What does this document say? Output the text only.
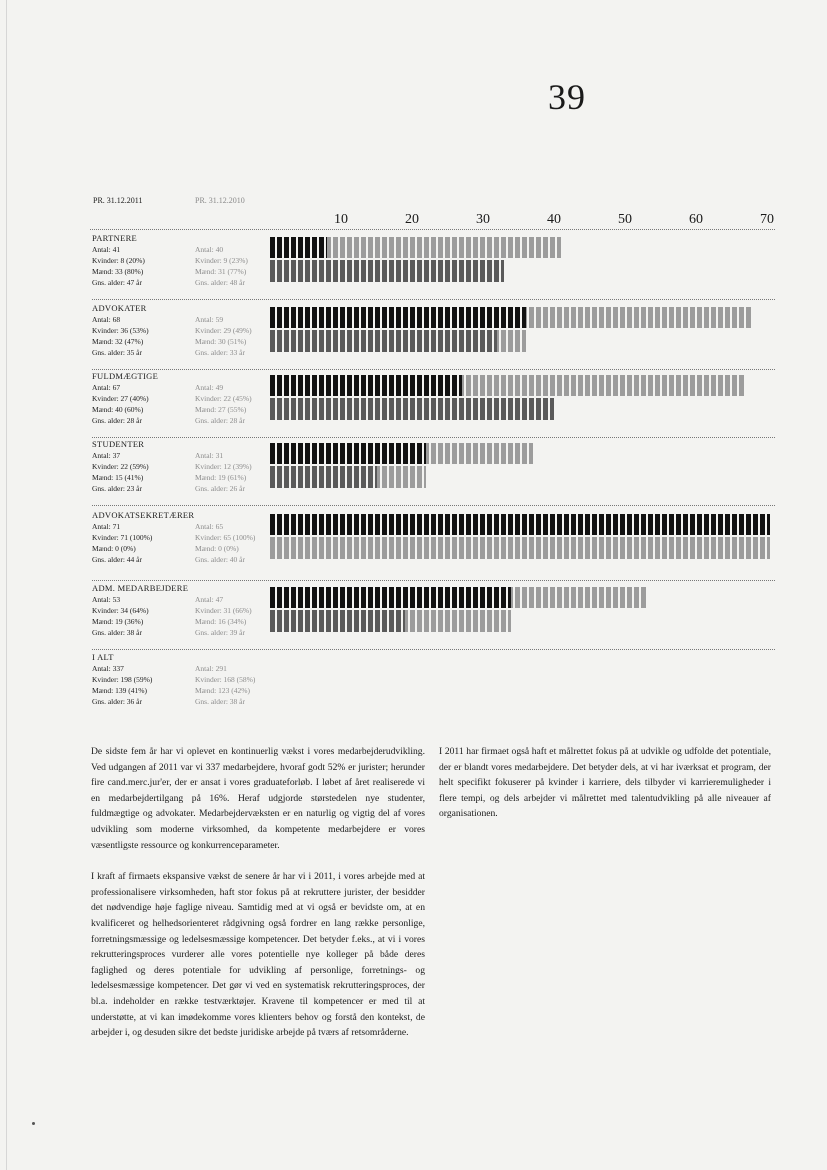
39
PR. 31.12.2011	PR. 31.12.2010
10	20	30	40	50	60	70
PARTNERE
Antal: 41	Antal: 40
Kvinder: 8 (20%)	Kvinder: 9 (23%)
Mænd: 33 (80%)	Mænd: 31 (77%)
Gns. alder: 47 år	Gns. alder: 48 år
ADVOKATER
Antal: 68	Antal: 59
Kvinder: 36 (53%)	Kvinder: 29 (49%)
Mænd: 32 (47%)	Mænd: 30 (51%)
Gns. alder: 35 år	Gns. alder: 33 år
FULDMÆGTIGE
Antal: 67	Antal: 49
Kvinder: 27 (40%)	Kvinder: 22 (45%)
Mænd: 40 (60%)	Mænd: 27 (55%)
Gns. alder: 28 år	Gns. alder: 28 år
STUDENTER
Antal: 37	Antal: 31
Kvinder: 22 (59%)	Kvinder: 12 (39%)
Mænd: 15 (41%)	Mænd: 19 (61%)
Gns. alder: 23 år	Gns. alder: 26 år
ADVOKATSEKRETÆRER
Antal: 71	Antal: 65
Kvinder: 71 (100%)	Kvinder: 65 (100%)
Mænd: 0 (0%)	Mænd: 0 (0%)
Gns. alder: 44 år	Gns. alder: 40 år
ADM. MEDARBEJDERE
Antal: 53	Antal: 47
Kvinder: 34 (64%)	Kvinder: 31 (66%)
Mænd: 19 (36%)	Mænd: 16 (34%)
Gns. alder: 38 år	Gns. alder: 39 år
I ALT
Antal: 337	Antal: 291
Kvinder: 198 (59%)	Kvinder: 168 (58%)
Mænd: 139 (41%)	Mænd: 123 (42%)
Gns. alder: 36 år	Gns. alder: 38 år

De sidste fem år har vi oplevet en kontinuerlig vækst i vores medarbejderudvikling. Ved udgangen af 2011 var vi 337 medarbejdere, hvoraf godt 52% er jurister; herunder fire cand.merc.jur'er, der er ansat i vores graduateforløb. I løbet af året realiserede vi en medarbejdertilgang på 16%. Heraf udgjorde størstedelen nye studenter, fuldmægtige og advokater. Medarbejdervæksten er en naturlig og vigtig del af vores udvikling som moderne virksomhed, da kompetente medarbejdere er vores væsentligste ressource og konkurrenceparameter.

I kraft af firmaets ekspansive vækst de senere år har vi i 2011, i vores arbejde med at professionalisere virksomheden, haft stor fokus på at rekruttere jurister, der besidder det nødvendige høje faglige niveau. Samtidig med at vi også er bevidste om, at en kvalificeret og helhedsorienteret rådgivning også fordrer en lang række personlige, forretningsmæssige og ledelsesmæssige kompetencer. Det betyder f.eks., at vi i vores rekrutteringsproces vurderer alle vores potentielle nye kolleger på både deres faglighed og deres potentiale for udvikling af personlige, forretnings- og ledelsesmæssige kompetencer. Det gør vi ved en systematisk rekrutteringsproces, der bl.a. indeholder en række testværktøjer. Kravene til kompetencer er med til at understøtte, at vi kan imødekomme vores klienters behov og forstå den kontekst, de arbejder i, og desuden sikre det bedste juridiske arbejde på tværs af retsområderne.

I 2011 har firmaet også haft et målrettet fokus på at udvikle og udfolde det potentiale, der er blandt vores medarbejdere. Det betyder dels, at vi har iværksat et program, der helt specifikt fokuserer på kvinder i karriere, dels tilbyder vi karrieremuligheder i flere tempi, og dels arbejder vi målrettet med talentudvikling på alle niveauer af organisationen.
